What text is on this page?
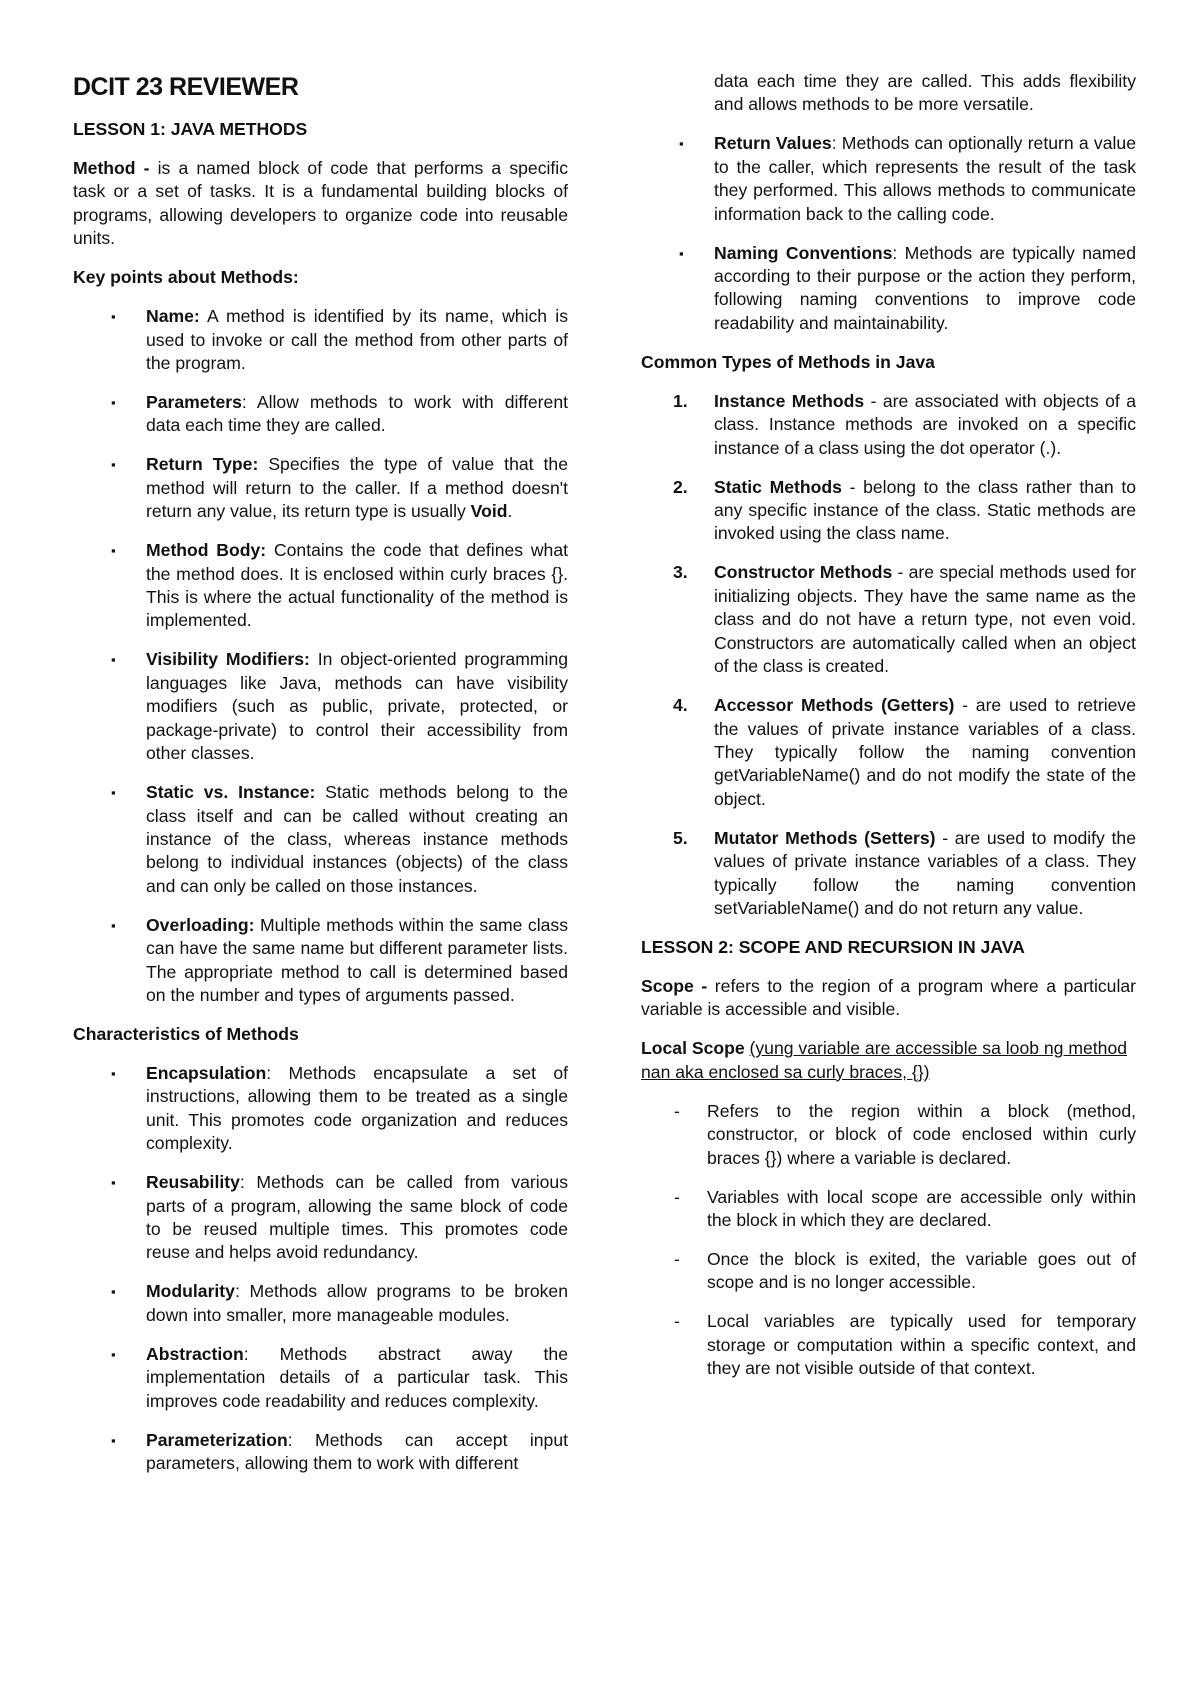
DCIT 23 REVIEWER
LESSON 1: JAVA METHODS

Method - is a named block of code that performs a specific task or a set of tasks. It is a fundamental building blocks of programs, allowing developers to organize code into reusable units.

Key points about Methods:
▪ Name: A method is identified by its name, which is used to invoke or call the method from other parts of the program.
▪ Parameters: Allow methods to work with different data each time they are called.
▪ Return Type: Specifies the type of value that the method will return to the caller. If a method doesn't return any value, its return type is usually Void.
▪ Method Body: Contains the code that defines what the method does. It is enclosed within curly braces {}. This is where the actual functionality of the method is implemented.
▪ Visibility Modifiers: In object-oriented programming languages like Java, methods can have visibility modifiers (such as public, private, protected, or package-private) to control their accessibility from other classes.
▪ Static vs. Instance: Static methods belong to the class itself and can be called without creating an instance of the class, whereas instance methods belong to individual instances (objects) of the class and can only be called on those instances.
▪ Overloading: Multiple methods within the same class can have the same name but different parameter lists. The appropriate method to call is determined based on the number and types of arguments passed.
Characteristics of Methods
▪ Encapsulation: Methods encapsulate a set of instructions, allowing them to be treated as a single unit. This promotes code organization and reduces complexity.
▪ Reusability: Methods can be called from various parts of a program, allowing the same block of code to be reused multiple times. This promotes code reuse and helps avoid redundancy.
▪ Modularity: Methods allow programs to be broken down into smaller, more manageable modules.
▪ Abstraction: Methods abstract away the implementation details of a particular task. This improves code readability and reduces complexity.
▪ Parameterization: Methods can accept input parameters, allowing them to work with different
data each time they are called. This adds flexibility and allows methods to be more versatile.
▪ Return Values: Methods can optionally return a value to the caller, which represents the result of the task they performed. This allows methods to communicate information back to the calling code.
▪ Naming Conventions: Methods are typically named according to their purpose or the action they perform, following naming conventions to improve code readability and maintainability.
Common Types of Methods in Java
1. Instance Methods - are associated with objects of a class. Instance methods are invoked on a specific instance of a class using the dot operator (.).
2. Static Methods - belong to the class rather than to any specific instance of the class. Static methods are invoked using the class name.
3. Constructor Methods - are special methods used for initializing objects. They have the same name as the class and do not have a return type, not even void. Constructors are automatically called when an object of the class is created.
4. Accessor Methods (Getters) - are used to retrieve the values of private instance variables of a class. They typically follow the naming convention getVariableName() and do not modify the state of the object.
5. Mutator Methods (Setters) - are used to modify the values of private instance variables of a class. They typically follow the naming convention setVariableName() and do not return any value.
LESSON 2: SCOPE AND RECURSION IN JAVA

Scope - refers to the region of a program where a particular variable is accessible and visible.

Local Scope (yung variable are accessible sa loob ng method nan aka enclosed sa curly braces, {})

- Refers to the region within a block (method, constructor, or block of code enclosed within curly braces {}) where a variable is declared.
- Variables with local scope are accessible only within the block in which they are declared.
- Once the block is exited, the variable goes out of scope and is no longer accessible.
- Local variables are typically used for temporary storage or computation within a specific context, and they are not visible outside of that context.
